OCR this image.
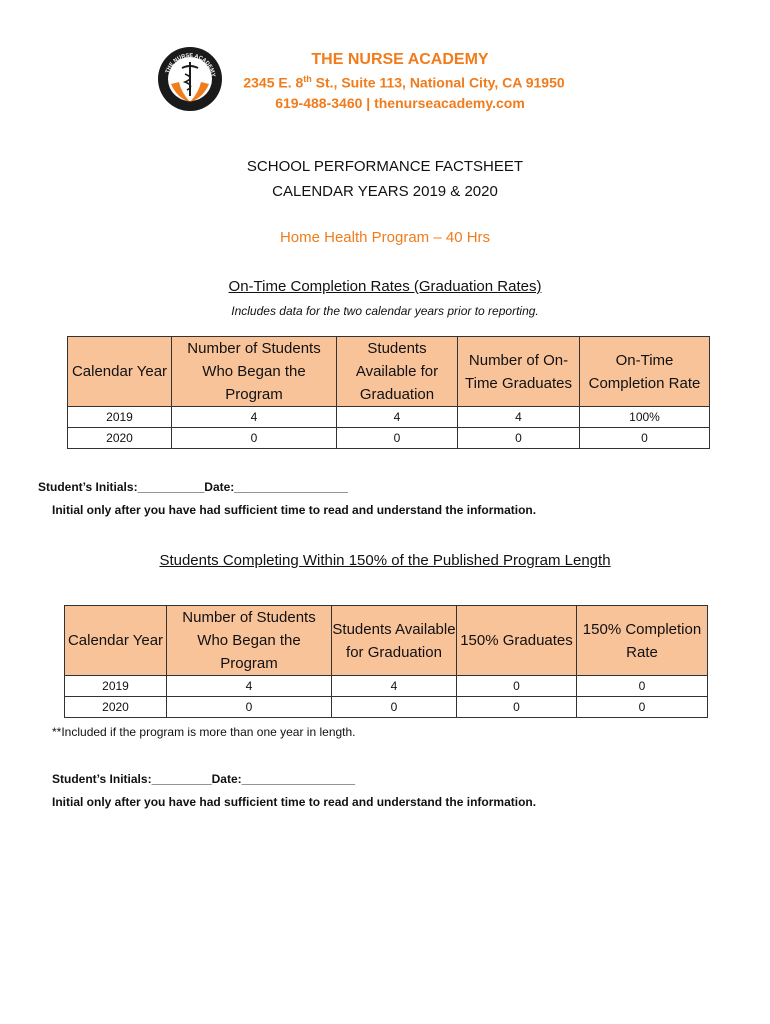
THE NURSE ACADEMY
THE NURSE ACADEMY
2345 E. 8th St., Suite 113, National City, CA 91950
619-488-3460 | thenurseacademy.com
SCHOOL PERFORMANCE FACTSHEET
CALENDAR YEARS 2019 & 2020
Home Health Program – 40 Hrs
On-Time Completion Rates (Graduation Rates)
Includes data for the two calendar years prior to reporting.
Calendar Year	Number of Students Who Began the Program	Students Available for Graduation	Number of On-Time Graduates	On-Time Completion Rate
2019	4	4	4	100%
2020	0	0	0	0
Student’s Initials:__________Date:_________________
Initial only after you have had sufficient time to read and understand the information.
Students Completing Within 150% of the Published Program Length
Calendar Year	Number of Students Who Began the Program	Students Available for Graduation	150% Graduates	150% Completion Rate
2019	4	4	0	0
2020	0	0	0	0
**Included if the program is more than one year in length.
Student’s Initials:_________Date:_________________
Initial only after you have had sufficient time to read and understand the information.
